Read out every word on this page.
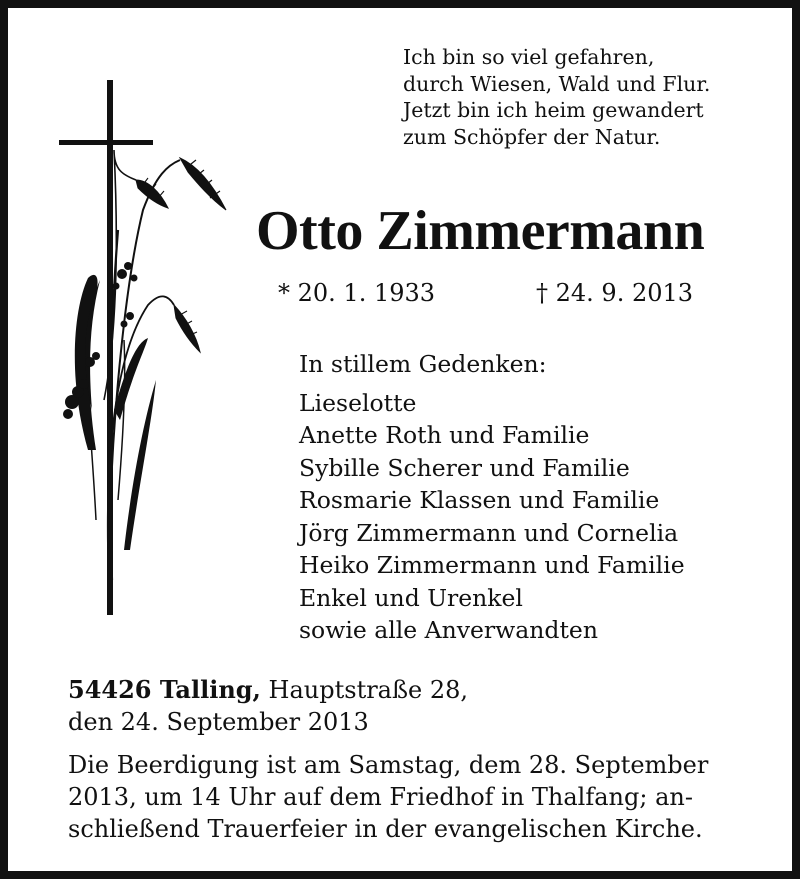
Ich bin so viel gefahren,
durch Wiesen, Wald und Flur.
Jetzt bin ich heim gewandert
zum Schöpfer der Natur.
Otto Zimmermann
* 20. 1. 1933	† 24. 9. 2013
In stillem Gedenken:
Lieselotte
Anette Roth und Familie
Sybille Scherer und Familie
Rosmarie Klassen und Familie
Jörg Zimmermann und Cornelia
Heiko Zimmermann und Familie
Enkel und Urenkel
sowie alle Anverwandten
54426 Talling, Hauptstraße 28,
den 24. September 2013
Die Beerdigung ist am Samstag, dem 28. September
2013, um 14 Uhr auf dem Friedhof in Thalfang; an-
schließend Trauerfeier in der evangelischen Kirche.
